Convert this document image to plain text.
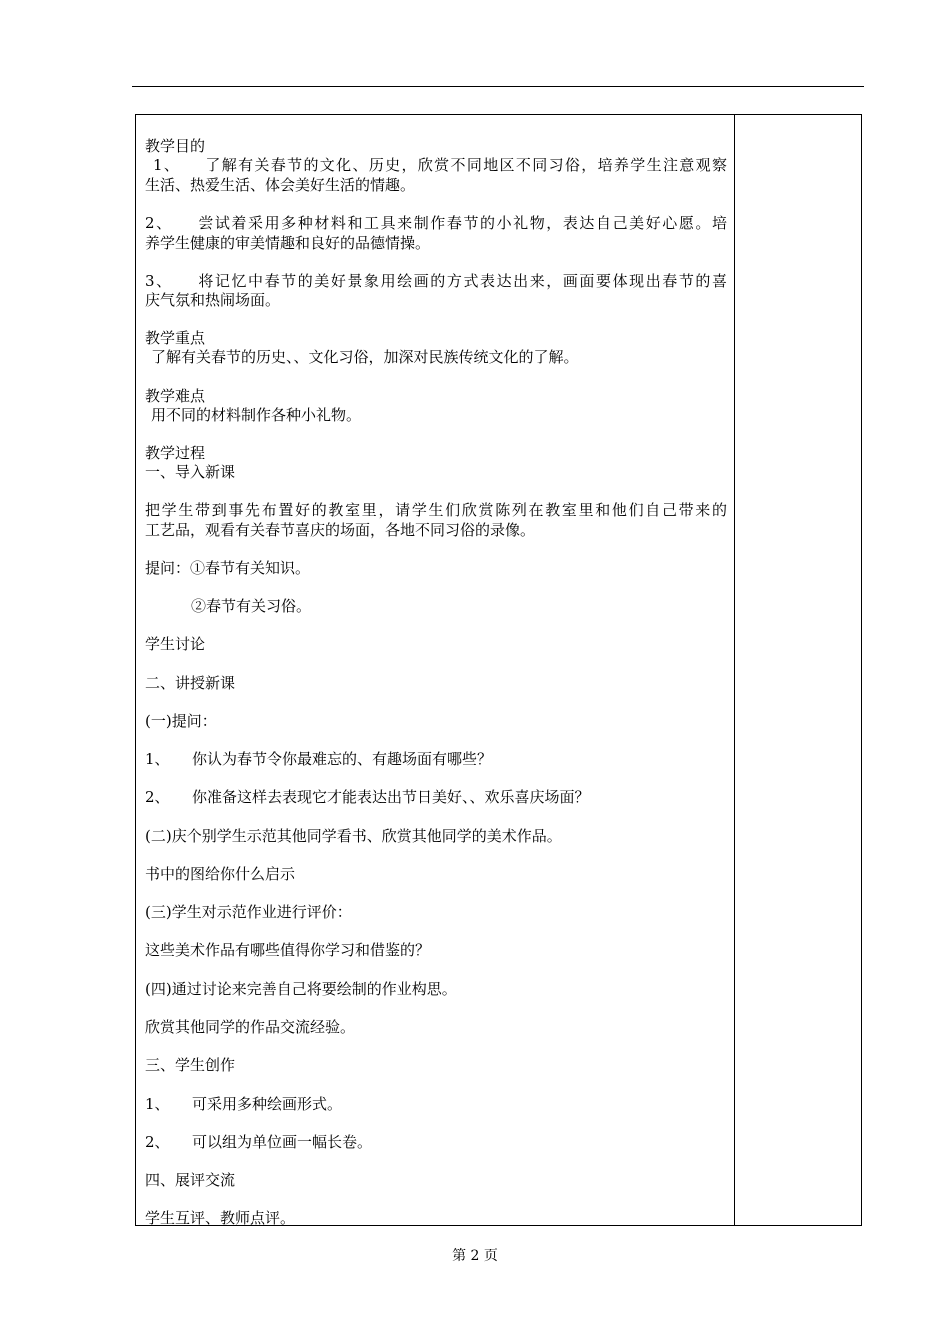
教学目的
1、　　了解有关春节的文化、历史，欣赏不同地区不同习俗，培养学生注意观察
生活、热爱生活、体会美好生活的情趣。
2、　　尝试着采用多种材料和工具来制作春节的小礼物，表达自己美好心愿。培
养学生健康的审美情趣和良好的品德情操。
3、　　将记忆中春节的美好景象用绘画的方式表达出来，画面要体现出春节的喜
庆气氛和热闹场面。
教学重点
了解有关春节的历史、、文化习俗，加深对民族传统文化的了解。
教学难点
用不同的材料制作各种小礼物。
教学过程
一、导入新课
把学生带到事先布置好的教室里，请学生们欣赏陈列在教室里和他们自己带来的
工艺品，观看有关春节喜庆的场面，各地不同习俗的录像。
提问：①春节有关知识。
②春节有关习俗。
学生讨论
二、讲授新课
(一)提问：
1、　　你认为春节令你最难忘的、有趣场面有哪些？
2、　　你准备这样去表现它才能表达出节日美好、、欢乐喜庆场面？
(二)庆个别学生示范其他同学看书、欣赏其他同学的美术作品。
书中的图给你什么启示
(三)学生对示范作业进行评价：
这些美术作品有哪些值得你学习和借鉴的？
(四)通过讨论来完善自己将要绘制的作业构思。
欣赏其他同学的作品交流经验。
三、学生创作
1、　　可采用多种绘画形式。
2、　　可以组为单位画一幅长卷。
四、展评交流
学生互评、教师点评。
第 2 页
